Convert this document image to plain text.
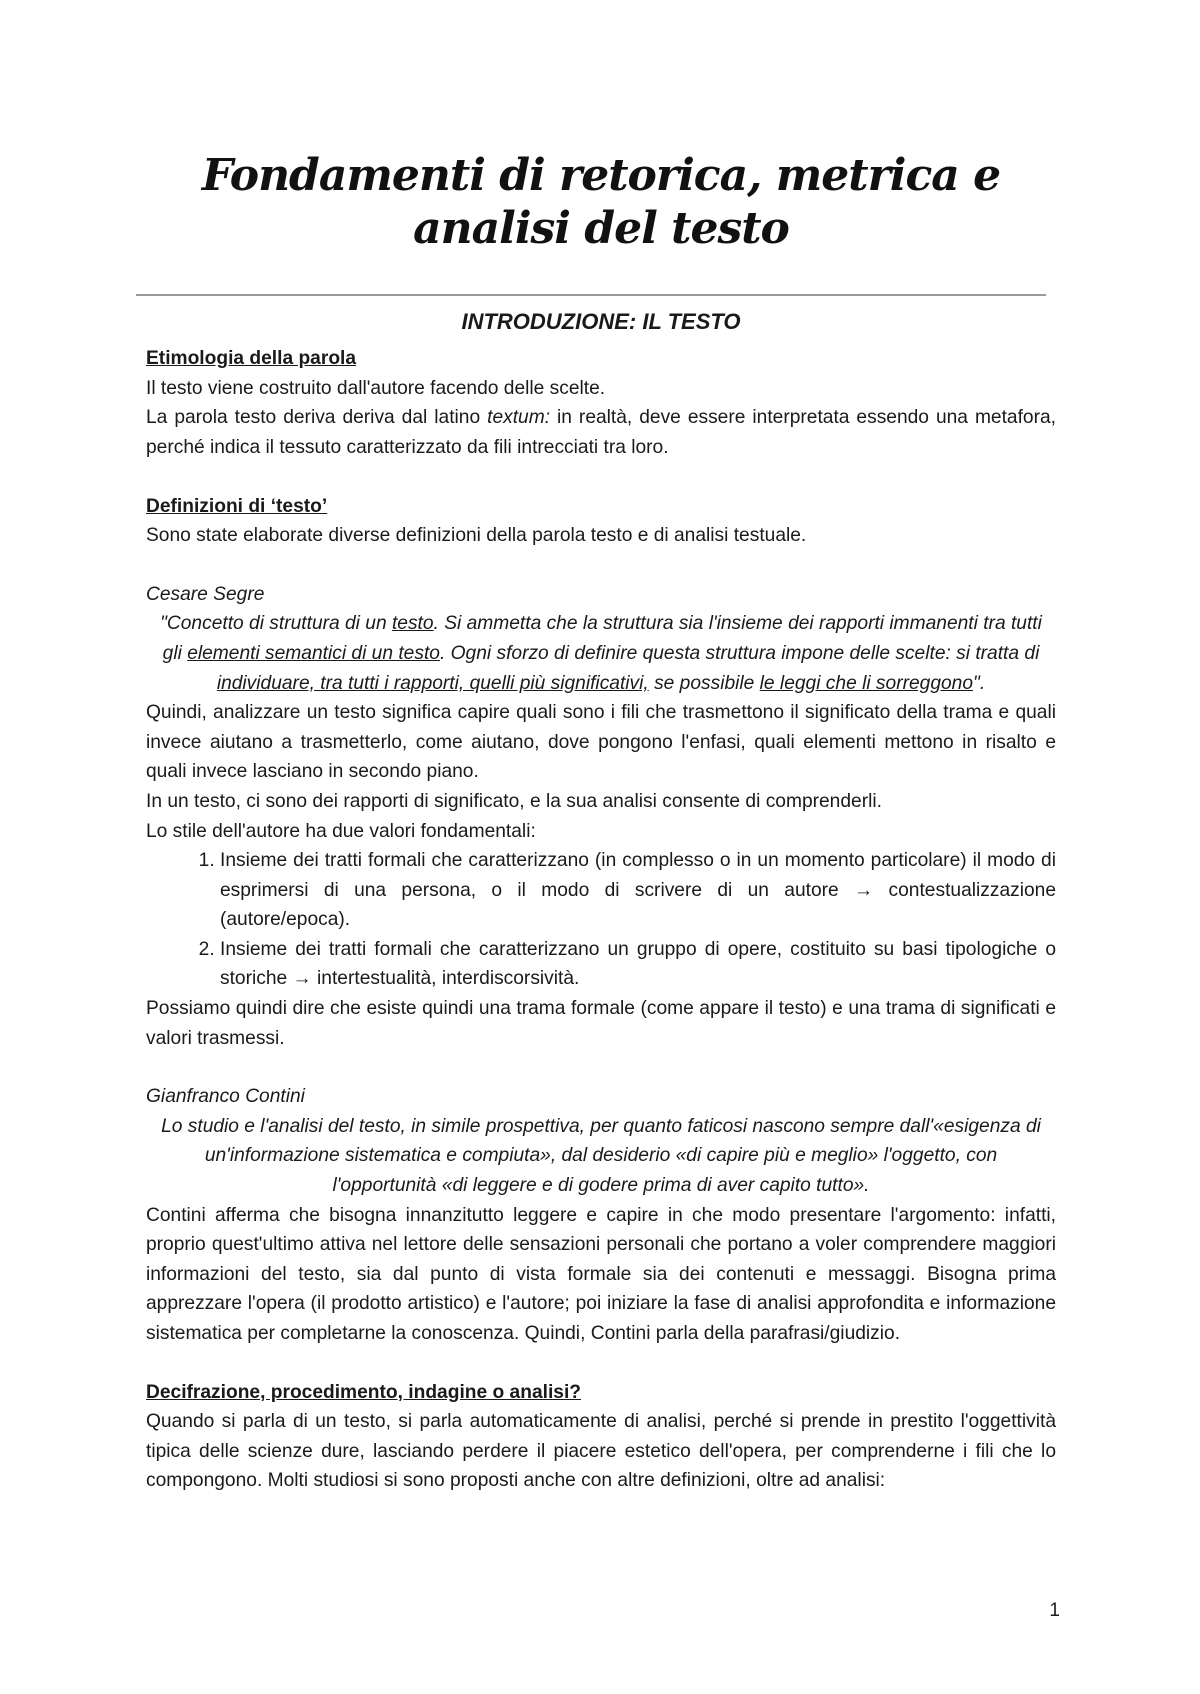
Fondamenti di retorica, metrica e analisi del testo
INTRODUZIONE: IL TESTO
Etimologia della parola

Il testo viene costruito dall'autore facendo delle scelte.

La parola testo deriva deriva dal latino textum: in realtà, deve essere interpretata essendo una metafora, perché indica il tessuto caratterizzato da fili intrecciati tra loro.

Definizioni di ‘testo’

Sono state elaborate diverse definizioni della parola testo e di analisi testuale.

Cesare Segre

"Concetto di struttura di un testo. Si ammetta che la struttura sia l'insieme dei rapporti immanenti tra tutti gli elementi semantici di un testo. Ogni sforzo di definire questa struttura impone delle scelte: si tratta di individuare, tra tutti i rapporti, quelli più significativi, se possibile le leggi che li sorreggono".

Quindi, analizzare un testo significa capire quali sono i fili che trasmettono il significato della trama e quali invece aiutano a trasmetterlo, come aiutano, dove pongono l'enfasi, quali elementi mettono in risalto e quali invece lasciano in secondo piano.

In un testo, ci sono dei rapporti di significato, e la sua analisi consente di comprenderli.

Lo stile dell'autore ha due valori fondamentali:

1. Insieme dei tratti formali che caratterizzano (in complesso o in un momento particolare) il modo di esprimersi di una persona, o il modo di scrivere di un autore → contestualizzazione (autore/epoca).
2. Insieme dei tratti formali che caratterizzano un gruppo di opere, costituito su basi tipologiche o storiche → intertestualità, interdiscorsività.

Possiamo quindi dire che esiste quindi una trama formale (come appare il testo) e una trama di significati e valori trasmessi.

Gianfranco Contini

Lo studio e l'analisi del testo, in simile prospettiva, per quanto faticosi nascono sempre dall'«esigenza di un'informazione sistematica e compiuta», dal desiderio «di capire più e meglio» l'oggetto, con l'opportunità «di leggere e di godere prima di aver capito tutto».

Contini afferma che bisogna innanzitutto leggere e capire in che modo presentare l'argomento: infatti, proprio quest'ultimo attiva nel lettore delle sensazioni personali che portano a voler comprendere maggiori informazioni del testo, sia dal punto di vista formale sia dei contenuti e messaggi. Bisogna prima apprezzare l'opera (il prodotto artistico) e l'autore; poi iniziare la fase di analisi approfondita e informazione sistematica per completarne la conoscenza. Quindi, Contini parla della parafrasi/giudizio.

Decifrazione, procedimento, indagine o analisi?

Quando si parla di un testo, si parla automaticamente di analisi, perché si prende in prestito l'oggettività tipica delle scienze dure, lasciando perdere il piacere estetico dell'opera, per comprenderne i fili che lo compongono. Molti studiosi si sono proposti anche con altre definizioni, oltre ad analisi:

1
